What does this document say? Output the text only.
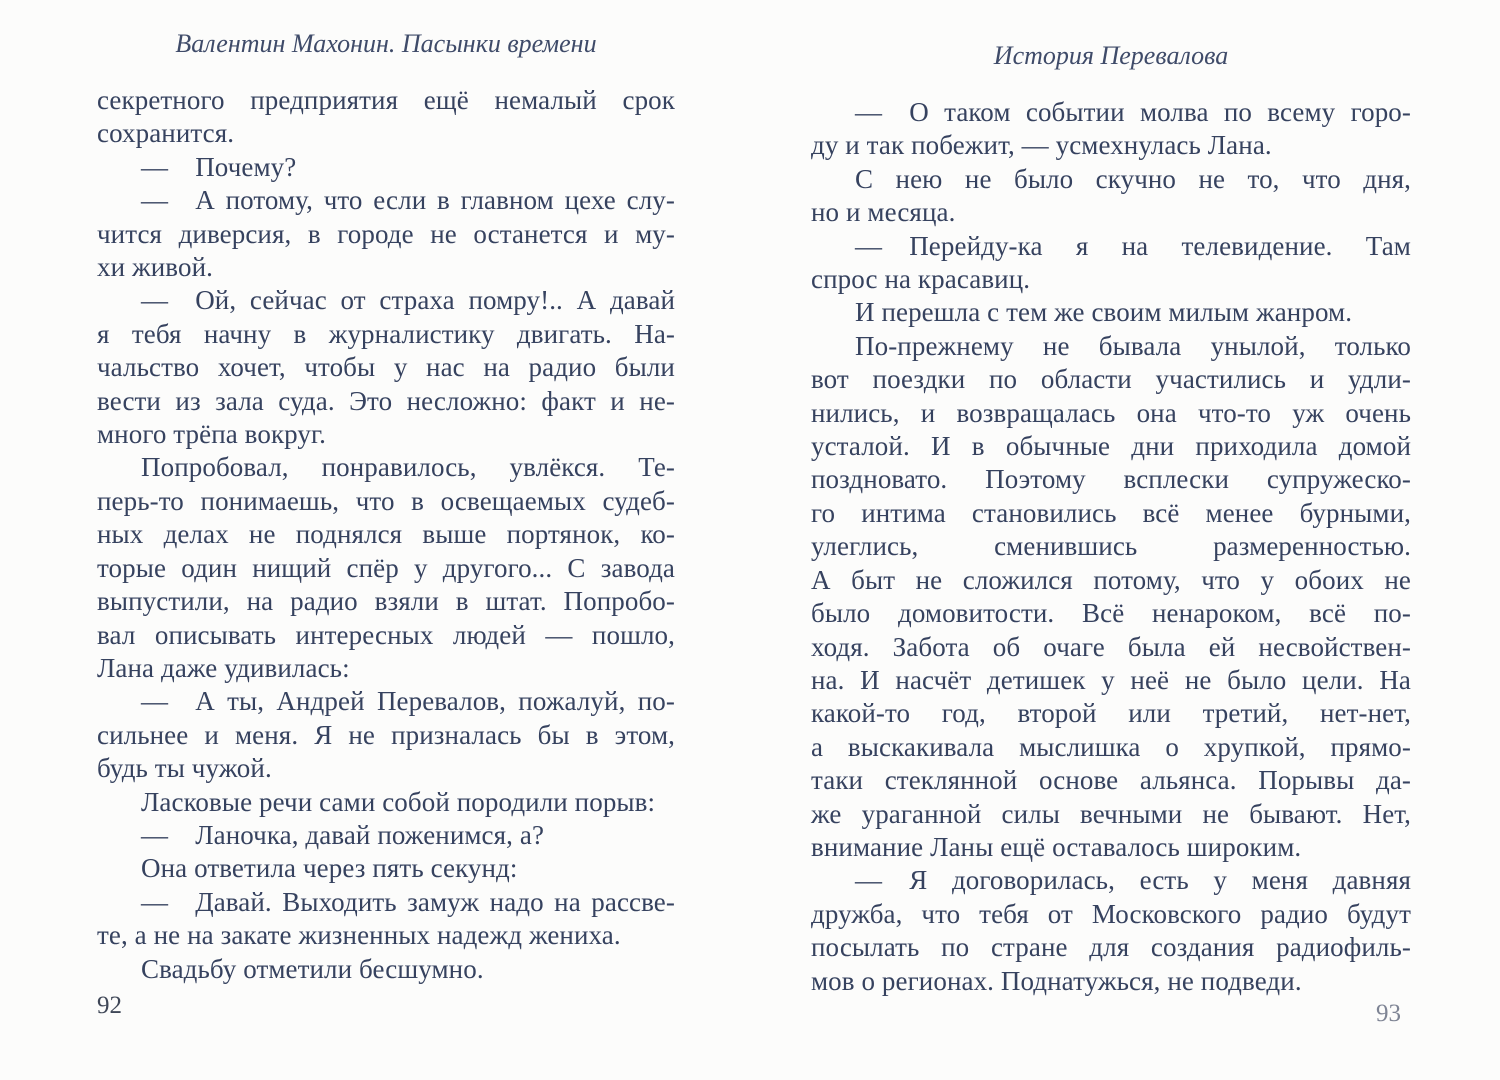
Валентин Махонин. Пасынки времени
секретного предприятия ещё немалый срок
сохранится.
— Почему?
— А потому, что если в главном цехе слу-
чится диверсия, в городе не останется и му-
хи живой.
— Ой, сейчас от страха помру!.. А давай
я тебя начну в журналистику двигать. На-
чальство хочет, чтобы у нас на радио были
вести из зала суда. Это несложно: факт и не-
много трёпа вокруг.
Попробовал, понравилось, увлёкся. Те-
перь-то понимаешь, что в освещаемых судеб-
ных делах не поднялся выше портянок, ко-
торые один нищий спёр у другого... С завода
выпустили, на радио взяли в штат. Попробо-
вал описывать интересных людей — пошло,
Лана даже удивилась:
— А ты, Андрей Перевалов, пожалуй, по-
сильнее и меня. Я не призналась бы в этом,
будь ты чужой.
Ласковые речи сами собой породили порыв:
— Ланочка, давай поженимся, а?
Она ответила через пять секунд:
— Давай. Выходить замуж надо на рассве-
те, а не на закате жизненных надежд жениха.
Свадьбу отметили бесшумно.
92
История Перевалова
— О таком событии молва по всему горо-
ду и так побежит, — усмехнулась Лана.
С нею не было скучно не то, что дня,
но и месяца.
— Перейду-ка я на телевидение. Там
спрос на красавиц.
И перешла с тем же своим милым жанром.
По-прежнему не бывала унылой, только
вот поездки по области участились и удли-
нились, и возвращалась она что-то уж очень
усталой. И в обычные дни приходила домой
поздновато. Поэтому всплески супружеско-
го интима становились всё менее бурными,
улеглись, сменившись размеренностью.
А быт не сложился потому, что у обоих не
было домовитости. Всё ненароком, всё по-
ходя. Забота об очаге была ей несвойствен-
на. И насчёт детишек у неё не было цели. На
какой-то год, второй или третий, нет-нет,
а выскакивала мыслишка о хрупкой, прямо-
таки стеклянной основе альянса. Порывы да-
же ураганной силы вечными не бывают. Нет,
внимание Ланы ещё оставалось широким.
— Я договорилась, есть у меня давняя
дружба, что тебя от Московского радио будут
посылать по стране для создания радиофиль-
мов о регионах. Поднатужься, не подведи.
93
